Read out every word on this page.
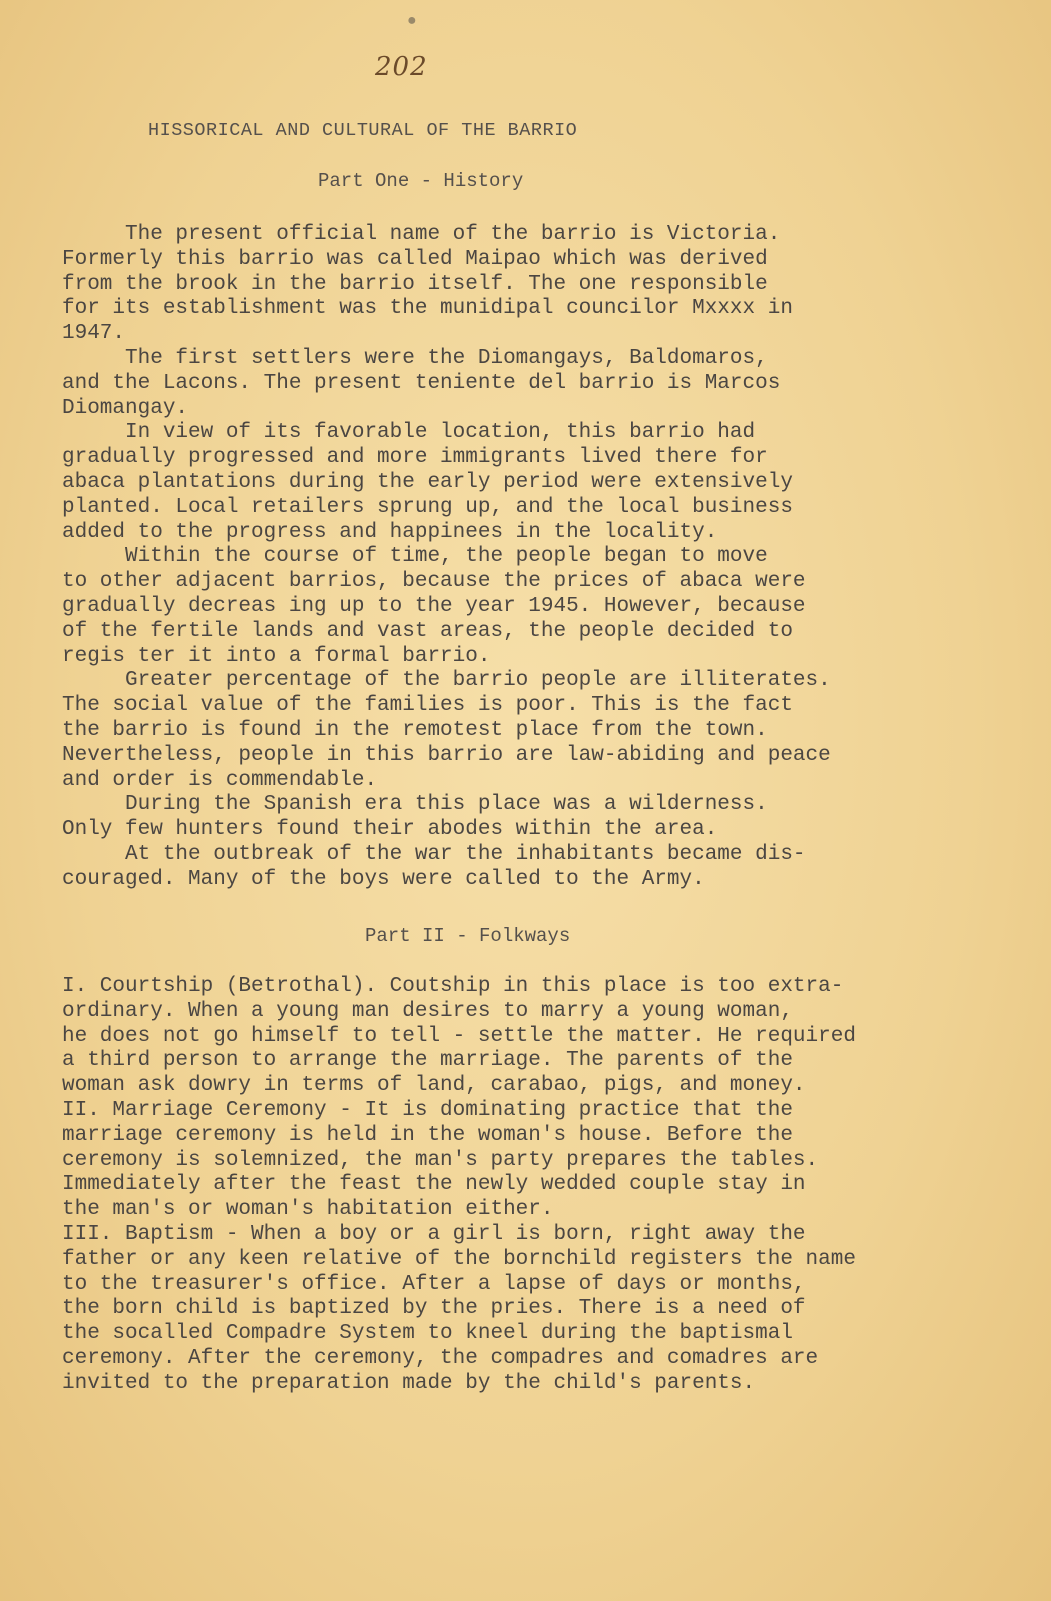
●
202
HISSORICAL AND CULTURAL OF THE BARRIO
Part One - History
The present official name of the barrio is Victoria.
Formerly this barrio was called Maipao which was derived
from the brook in the barrio itself. The one responsible
for its establishment was the munidipal councilor Mxxxx in
1947.
The first settlers were the Diomangays, Baldomaros,
and the Lacons. The present teniente del barrio is Marcos
Diomangay.
In view of its favorable location, this barrio had
gradually progressed and more immigrants lived there for
abaca plantations during the early period were extensively
planted. Local retailers sprung up, and the local business
added to the progress and happinees in the locality.
Within the course of time, the people began to move
to other adjacent barrios, because the prices of abaca were
gradually decreas ing up to the year 1945. However, because
of the fertile lands and vast areas, the people decided to
regis ter it into a formal barrio.
Greater percentage of the barrio people are illiterates.
The social value of the families is poor. This is the fact
the barrio is found in the remotest place from the town.
Nevertheless, people in this barrio are law-abiding and peace
and order is commendable.
During the Spanish era this place was a wilderness.
Only few hunters found their abodes within the area.
At the outbreak of the war the inhabitants became dis-
couraged. Many of the boys were called to the Army.
Part II - Folkways
I. Courtship (Betrothal). Coutship in this place is too extra-
ordinary. When a young man desires to marry a young woman,
he does not go himself to tell - settle the matter. He required
a third person to arrange the marriage. The parents of the
woman ask dowry in terms of land, carabao, pigs, and money.
II. Marriage Ceremony - It is dominating practice that the
marriage ceremony is held in the woman's house. Before the
ceremony is solemnized, the man's party prepares the tables.
Immediately after the feast the newly wedded couple stay in
the man's or woman's habitation either.
III. Baptism - When a boy or a girl is born, right away the
father or any keen relative of the bornchild registers the name
to the treasurer's office. After a lapse of days or months,
the born child is baptized by the pries. There is a need of
the socalled Compadre System to kneel during the baptismal
ceremony. After the ceremony, the compadres and comadres are
invited to the preparation made by the child's parents.
